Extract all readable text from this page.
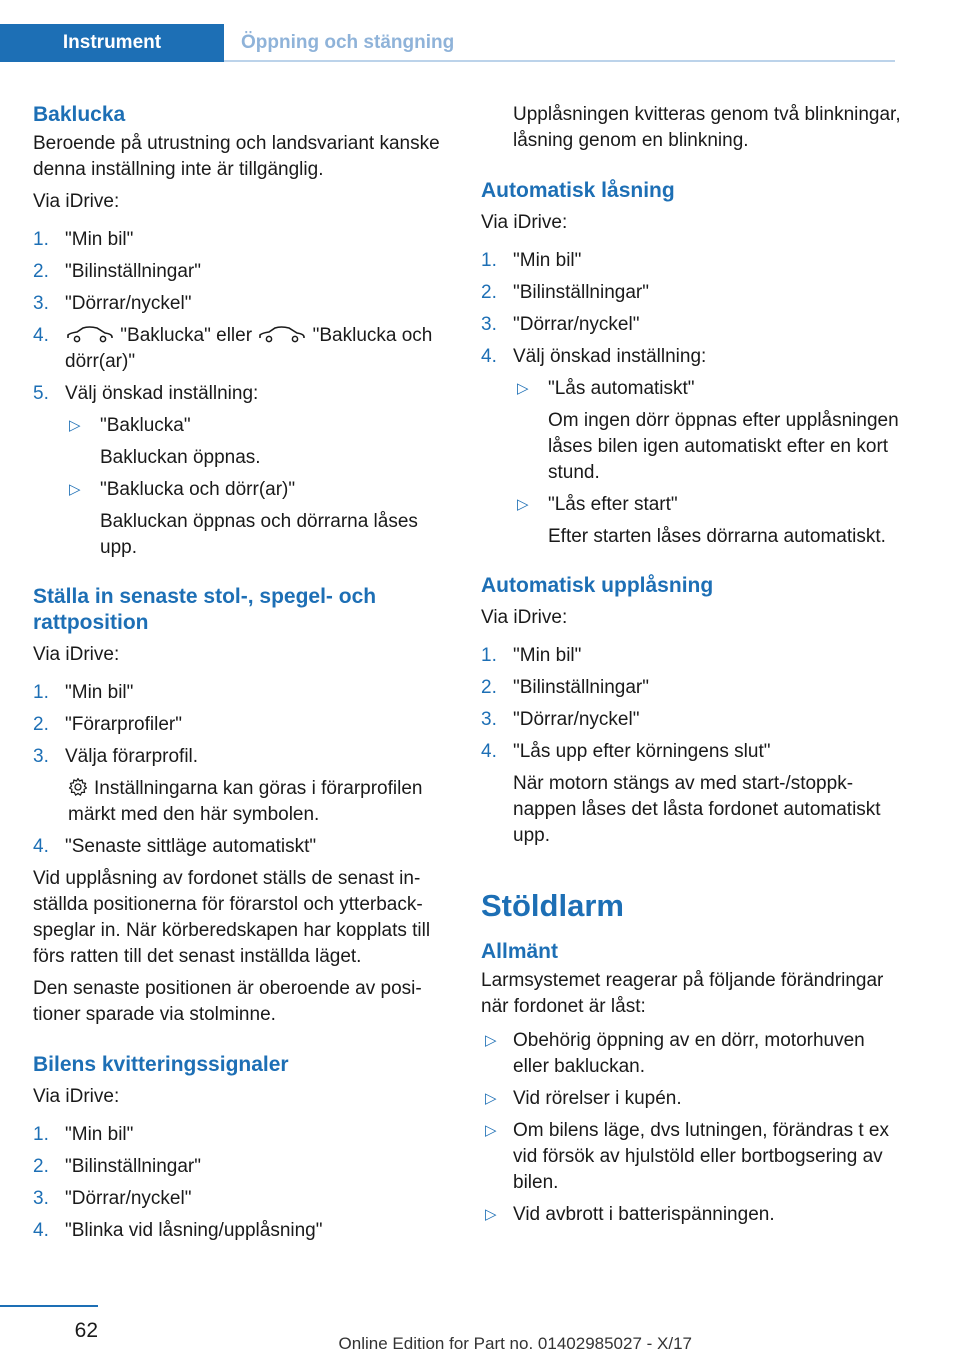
Instrument	Öppning och stängning
Baklucka

Beroende på utrustning och landsvariant kanske denna inställning inte är tillgänglig.

Via iDrive:

1. "Min bil"
2. "Bilinställningar"
3. "Dörrar/nyckel"
4.	"Baklucka" eller	"Baklucka och dörr(ar)"
5. Välj önskad inställning:
▷ "Baklucka"
Bakluckan öppnas.
▷ "Baklucka och dörr(ar)"
Bakluckan öppnas och dörrarna låses upp.
Ställa in senaste stol-, spegel- och rattposition

Via iDrive:

1. "Min bil"
2. "Förarprofiler"
3. Välja förarprofil.
Inställningarna kan göras i förarprofilen märkt med den här symbolen.
4. "Senaste sittläge automatiskt"

Vid upplåsning av fordonet ställs de senast inställda positionerna för förarstol och ytterbackspeglar in. När körberedskapen har kopplats till förs ratten till det senast inställda läget.

Den senaste positionen är oberoende av positioner sparade via stolminne.

Bilens kvitteringssignaler

Via iDrive:

1. "Min bil"
2. "Bilinställningar"
3. "Dörrar/nyckel"
4. "Blinka vid låsning/upplåsning"

Upplåsningen kvitteras genom två blinkningar, låsning genom en blinkning.

Automatisk låsning

Via iDrive:

1. "Min bil"
2. "Bilinställningar"
3. "Dörrar/nyckel"
4. Välj önskad inställning:
▷ "Lås automatiskt"
Om ingen dörr öppnas efter upplåsningen låses bilen igen automatiskt efter en kort stund.
▷ "Lås efter start"
Efter starten låses dörrarna automatiskt.
Automatisk upplåsning

Via iDrive:

1. "Min bil"
2. "Bilinställningar"
3. "Dörrar/nyckel"
4. "Lås upp efter körningens slut"
När motorn stängs av med start-/stoppknappen låses det låsta fordonet automatiskt upp.
Stöldlarm
Allmänt

Larmsystemet reagerar på följande förändringar när fordonet är låst:

▷ Obehörig öppning av en dörr, motorhuven eller bakluckan.
▷ Vid rörelser i kupén.
▷ Om bilens läge, dvs lutningen, förändras t ex vid försök av hjulstöld eller bortbogsering av bilen.
▷ Vid avbrott i batterispänningen.
62
Online Edition for Part no. 01402985027 - X/17
